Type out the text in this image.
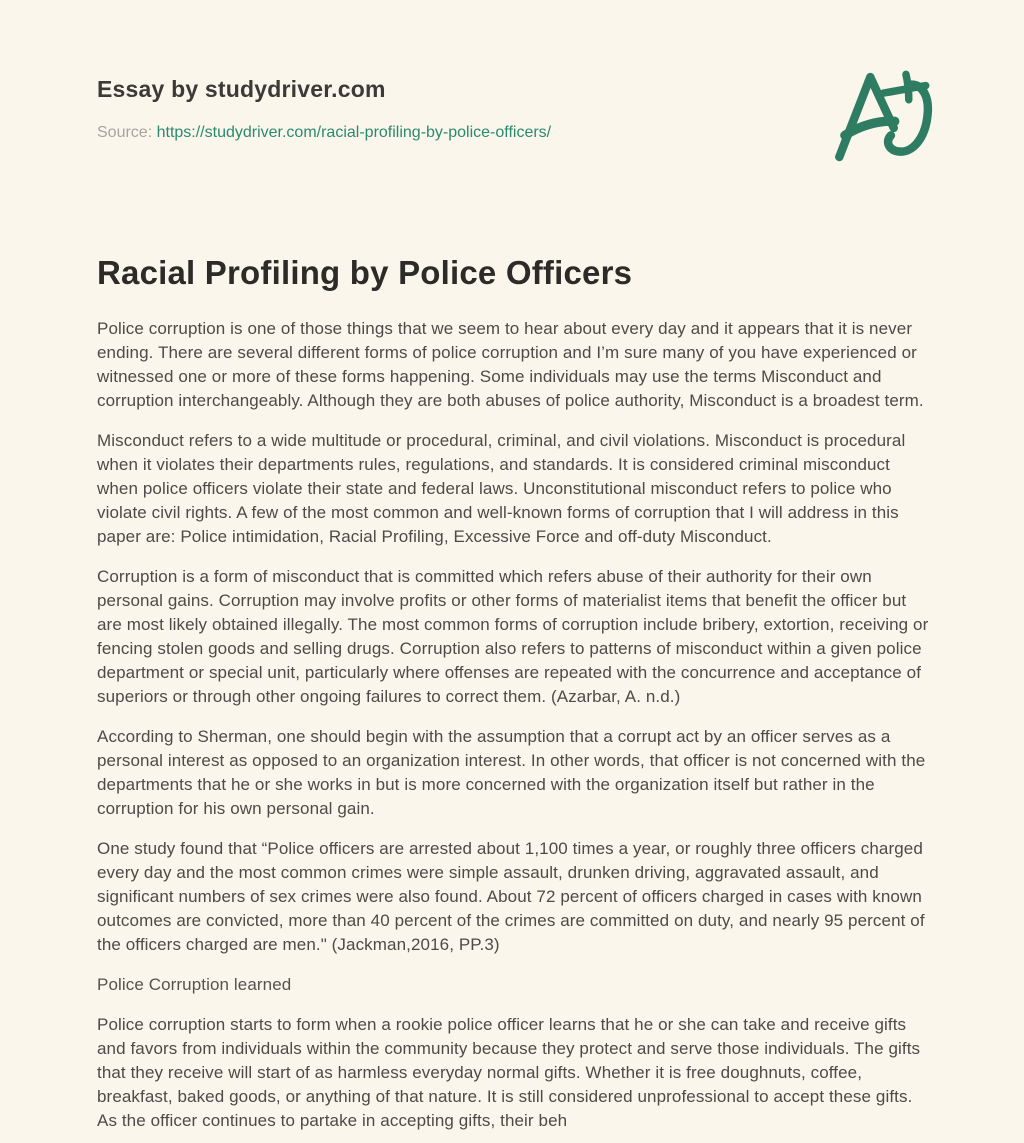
Essay by studydriver.com
Source: https://studydriver.com/racial-profiling-by-police-officers/
Racial Profiling by Police Officers

Police corruption is one of those things that we seem to hear about every day and it appears that it is never ending. There are several different forms of police corruption and I’m sure many of you have experienced or witnessed one or more of these forms happening. Some individuals may use the terms Misconduct and corruption interchangeably. Although they are both abuses of police authority, Misconduct is a broadest term.

Misconduct refers to a wide multitude or procedural, criminal, and civil violations. Misconduct is procedural when it violates their departments rules, regulations, and standards. It is considered criminal misconduct when police officers violate their state and federal laws. Unconstitutional misconduct refers to police who violate civil rights. A few of the most common and well-known forms of corruption that I will address in this paper are: Police intimidation, Racial Profiling, Excessive Force and off-duty Misconduct.

Corruption is a form of misconduct that is committed which refers abuse of their authority for their own personal gains. Corruption may involve profits or other forms of materialist items that benefit the officer but are most likely obtained illegally. The most common forms of corruption include bribery, extortion, receiving or fencing stolen goods and selling drugs. Corruption also refers to patterns of misconduct within a given police department or special unit, particularly where offenses are repeated with the concurrence and acceptance of superiors or through other ongoing failures to correct them. (Azarbar, A. n.d.)

According to Sherman, one should begin with the assumption that a corrupt act by an officer serves as a personal interest as opposed to an organization interest. In other words, that officer is not concerned with the departments that he or she works in but is more concerned with the organization itself but rather in the corruption for his own personal gain.

One study found that “Police officers are arrested about 1,100 times a year, or roughly three officers charged every day and the most common crimes were simple assault, drunken driving, aggravated assault, and significant numbers of sex crimes were also found. About 72 percent of officers charged in cases with known outcomes are convicted, more than 40 percent of the crimes are committed on duty, and nearly 95 percent of the officers charged are men." (Jackman,2016, PP.3)

Police Corruption learned

Police corruption starts to form when a rookie police officer learns that he or she can take and receive gifts and favors from individuals within the community because they protect and serve those individuals. The gifts that they receive will start of as harmless everyday normal gifts. Whether it is free doughnuts, coffee, breakfast, baked goods, or anything of that nature. It is still considered unprofessional to accept these gifts. As the officer continues to partake in accepting gifts, their beh
